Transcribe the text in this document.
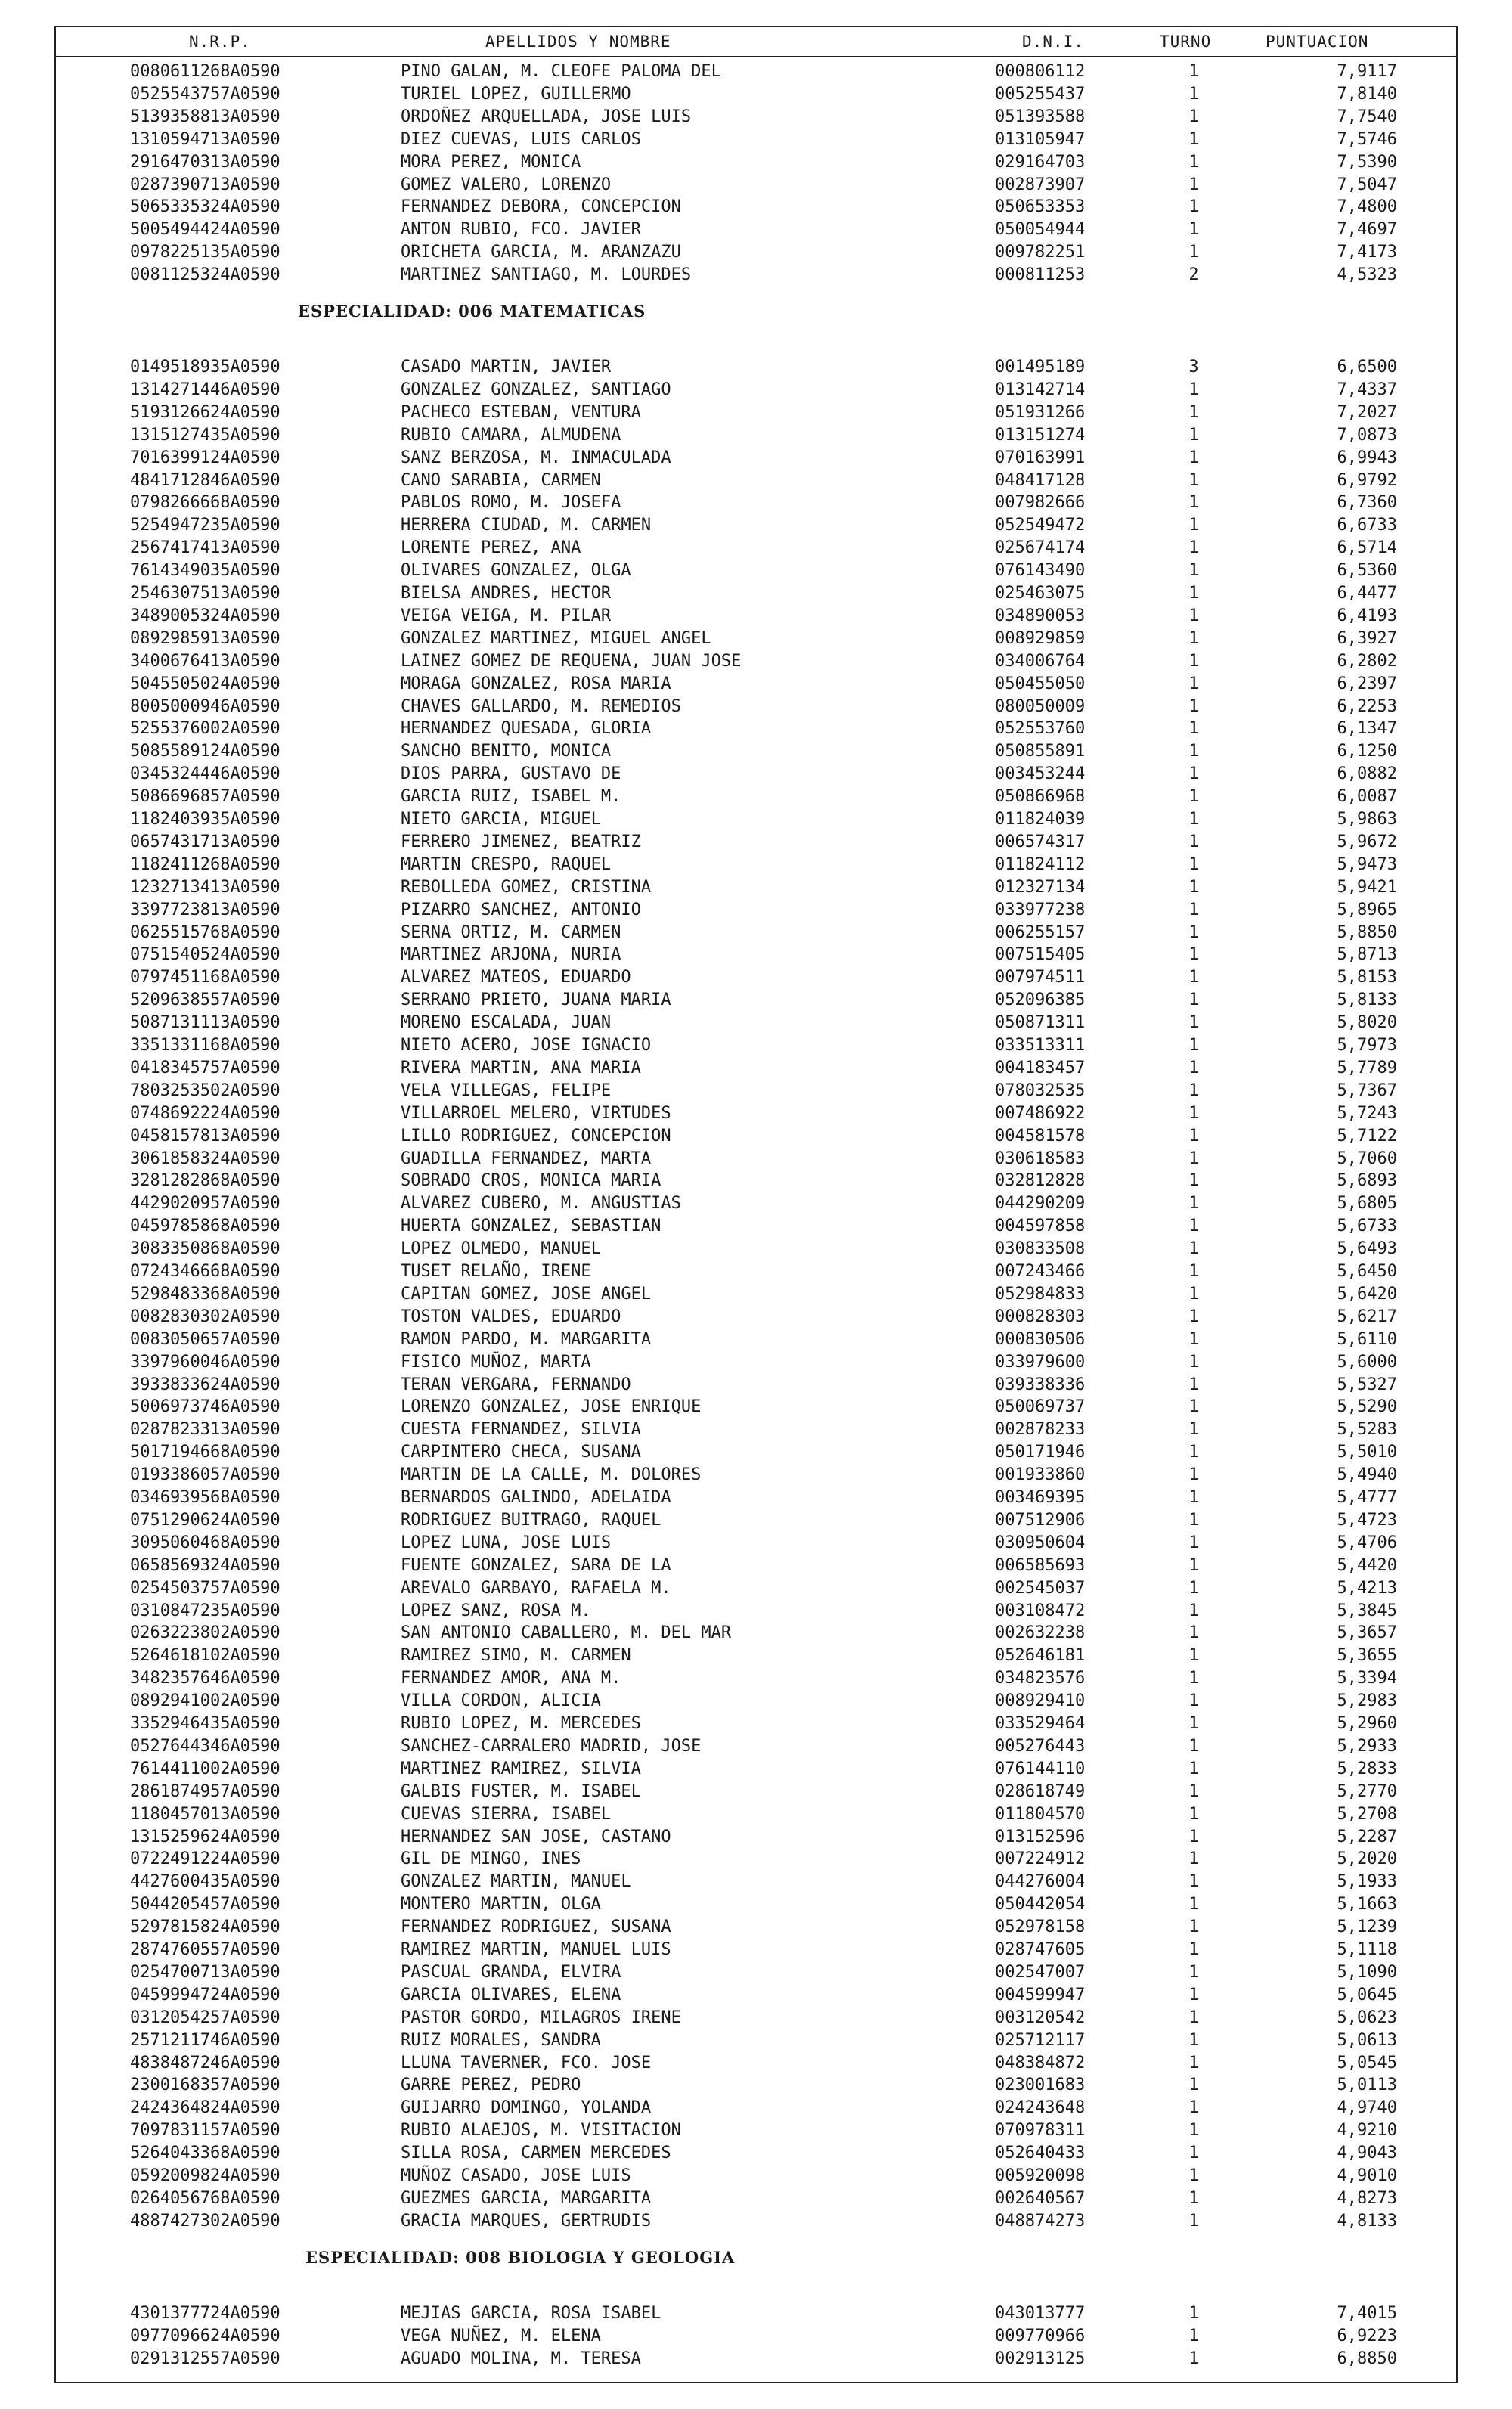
N.R.P.	APELLIDOS Y NOMBRE	D.N.I.	TURNO	PUNTUACION
0080611268A0590	PINO GALAN, M. CLEOFE PALOMA DEL	000806112	1	7,9117
0525543757A0590	TURIEL LOPEZ, GUILLERMO	005255437	1	7,8140
5139358813A0590	ORDOÑEZ ARQUELLADA, JOSE LUIS	051393588	1	7,7540
1310594713A0590	DIEZ CUEVAS, LUIS CARLOS	013105947	1	7,5746
2916470313A0590	MORA PEREZ, MONICA	029164703	1	7,5390
0287390713A0590	GOMEZ VALERO, LORENZO	002873907	1	7,5047
5065335324A0590	FERNANDEZ DEBORA, CONCEPCION	050653353	1	7,4800
5005494424A0590	ANTON RUBIO, FCO. JAVIER	050054944	1	7,4697
0978225135A0590	ORICHETA GARCIA, M. ARANZAZU	009782251	1	7,4173
0081125324A0590	MARTINEZ SANTIAGO, M. LOURDES	000811253	2	4,5323
ESPECIALIDAD: 006 MATEMATICAS
0149518935A0590	CASADO MARTIN, JAVIER	001495189	3	6,6500
1314271446A0590	GONZALEZ GONZALEZ, SANTIAGO	013142714	1	7,4337
5193126624A0590	PACHECO ESTEBAN, VENTURA	051931266	1	7,2027
1315127435A0590	RUBIO CAMARA, ALMUDENA	013151274	1	7,0873
7016399124A0590	SANZ BERZOSA, M. INMACULADA	070163991	1	6,9943
4841712846A0590	CANO SARABIA, CARMEN	048417128	1	6,9792
0798266668A0590	PABLOS ROMO, M. JOSEFA	007982666	1	6,7360
5254947235A0590	HERRERA CIUDAD, M. CARMEN	052549472	1	6,6733
2567417413A0590	LORENTE PEREZ, ANA	025674174	1	6,5714
7614349035A0590	OLIVARES GONZALEZ, OLGA	076143490	1	6,5360
2546307513A0590	BIELSA ANDRES, HECTOR	025463075	1	6,4477
3489005324A0590	VEIGA VEIGA, M. PILAR	034890053	1	6,4193
0892985913A0590	GONZALEZ MARTINEZ, MIGUEL ANGEL	008929859	1	6,3927
3400676413A0590	LAINEZ GOMEZ DE REQUENA, JUAN JOSE	034006764	1	6,2802
5045505024A0590	MORAGA GONZALEZ, ROSA MARIA	050455050	1	6,2397
8005000946A0590	CHAVES GALLARDO, M. REMEDIOS	080050009	1	6,2253
5255376002A0590	HERNANDEZ QUESADA, GLORIA	052553760	1	6,1347
5085589124A0590	SANCHO BENITO, MONICA	050855891	1	6,1250
0345324446A0590	DIOS PARRA, GUSTAVO DE	003453244	1	6,0882
5086696857A0590	GARCIA RUIZ, ISABEL M.	050866968	1	6,0087
1182403935A0590	NIETO GARCIA, MIGUEL	011824039	1	5,9863
0657431713A0590	FERRERO JIMENEZ, BEATRIZ	006574317	1	5,9672
1182411268A0590	MARTIN CRESPO, RAQUEL	011824112	1	5,9473
1232713413A0590	REBOLLEDA GOMEZ, CRISTINA	012327134	1	5,9421
3397723813A0590	PIZARRO SANCHEZ, ANTONIO	033977238	1	5,8965
0625515768A0590	SERNA ORTIZ, M. CARMEN	006255157	1	5,8850
0751540524A0590	MARTINEZ ARJONA, NURIA	007515405	1	5,8713
0797451168A0590	ALVAREZ MATEOS, EDUARDO	007974511	1	5,8153
5209638557A0590	SERRANO PRIETO, JUANA MARIA	052096385	1	5,8133
5087131113A0590	MORENO ESCALADA, JUAN	050871311	1	5,8020
3351331168A0590	NIETO ACERO, JOSE IGNACIO	033513311	1	5,7973
0418345757A0590	RIVERA MARTIN, ANA MARIA	004183457	1	5,7789
7803253502A0590	VELA VILLEGAS, FELIPE	078032535	1	5,7367
0748692224A0590	VILLARROEL MELERO, VIRTUDES	007486922	1	5,7243
0458157813A0590	LILLO RODRIGUEZ, CONCEPCION	004581578	1	5,7122
3061858324A0590	GUADILLA FERNANDEZ, MARTA	030618583	1	5,7060
3281282868A0590	SOBRADO CROS, MONICA MARIA	032812828	1	5,6893
4429020957A0590	ALVAREZ CUBERO, M. ANGUSTIAS	044290209	1	5,6805
0459785868A0590	HUERTA GONZALEZ, SEBASTIAN	004597858	1	5,6733
3083350868A0590	LOPEZ OLMEDO, MANUEL	030833508	1	5,6493
0724346668A0590	TUSET RELAÑO, IRENE	007243466	1	5,6450
5298483368A0590	CAPITAN GOMEZ, JOSE ANGEL	052984833	1	5,6420
0082830302A0590	TOSTON VALDES, EDUARDO	000828303	1	5,6217
0083050657A0590	RAMON PARDO, M. MARGARITA	000830506	1	5,6110
3397960046A0590	FISICO MUÑOZ, MARTA	033979600	1	5,6000
3933833624A0590	TERAN VERGARA, FERNANDO	039338336	1	5,5327
5006973746A0590	LORENZO GONZALEZ, JOSE ENRIQUE	050069737	1	5,5290
0287823313A0590	CUESTA FERNANDEZ, SILVIA	002878233	1	5,5283
5017194668A0590	CARPINTERO CHECA, SUSANA	050171946	1	5,5010
0193386057A0590	MARTIN DE LA CALLE, M. DOLORES	001933860	1	5,4940
0346939568A0590	BERNARDOS GALINDO, ADELAIDA	003469395	1	5,4777
0751290624A0590	RODRIGUEZ BUITRAGO, RAQUEL	007512906	1	5,4723
3095060468A0590	LOPEZ LUNA, JOSE LUIS	030950604	1	5,4706
0658569324A0590	FUENTE GONZALEZ, SARA DE LA	006585693	1	5,4420
0254503757A0590	AREVALO GARBAYO, RAFAELA M.	002545037	1	5,4213
0310847235A0590	LOPEZ SANZ, ROSA M.	003108472	1	5,3845
0263223802A0590	SAN ANTONIO CABALLERO, M. DEL MAR	002632238	1	5,3657
5264618102A0590	RAMIREZ SIMO, M. CARMEN	052646181	1	5,3655
3482357646A0590	FERNANDEZ AMOR, ANA M.	034823576	1	5,3394
0892941002A0590	VILLA CORDON, ALICIA	008929410	1	5,2983
3352946435A0590	RUBIO LOPEZ, M. MERCEDES	033529464	1	5,2960
0527644346A0590	SANCHEZ-CARRALERO MADRID, JOSE	005276443	1	5,2933
7614411002A0590	MARTINEZ RAMIREZ, SILVIA	076144110	1	5,2833
2861874957A0590	GALBIS FUSTER, M. ISABEL	028618749	1	5,2770
1180457013A0590	CUEVAS SIERRA, ISABEL	011804570	1	5,2708
1315259624A0590	HERNANDEZ SAN JOSE, CASTANO	013152596	1	5,2287
0722491224A0590	GIL DE MINGO, INES	007224912	1	5,2020
4427600435A0590	GONZALEZ MARTIN, MANUEL	044276004	1	5,1933
5044205457A0590	MONTERO MARTIN, OLGA	050442054	1	5,1663
5297815824A0590	FERNANDEZ RODRIGUEZ, SUSANA	052978158	1	5,1239
2874760557A0590	RAMIREZ MARTIN, MANUEL LUIS	028747605	1	5,1118
0254700713A0590	PASCUAL GRANDA, ELVIRA	002547007	1	5,1090
0459994724A0590	GARCIA OLIVARES, ELENA	004599947	1	5,0645
0312054257A0590	PASTOR GORDO, MILAGROS IRENE	003120542	1	5,0623
2571211746A0590	RUIZ MORALES, SANDRA	025712117	1	5,0613
4838487246A0590	LLUNA TAVERNER, FCO. JOSE	048384872	1	5,0545
2300168357A0590	GARRE PEREZ, PEDRO	023001683	1	5,0113
2424364824A0590	GUIJARRO DOMINGO, YOLANDA	024243648	1	4,9740
7097831157A0590	RUBIO ALAEJOS, M. VISITACION	070978311	1	4,9210
5264043368A0590	SILLA ROSA, CARMEN MERCEDES	052640433	1	4,9043
0592009824A0590	MUÑOZ CASADO, JOSE LUIS	005920098	1	4,9010
0264056768A0590	GUEZMES GARCIA, MARGARITA	002640567	1	4,8273
4887427302A0590	GRACIA MARQUES, GERTRUDIS	048874273	1	4,8133
ESPECIALIDAD: 008 BIOLOGIA Y GEOLOGIA
4301377724A0590	MEJIAS GARCIA, ROSA ISABEL	043013777	1	7,4015
0977096624A0590	VEGA NUÑEZ, M. ELENA	009770966	1	6,9223
0291312557A0590	AGUADO MOLINA, M. TERESA	002913125	1	6,8850
